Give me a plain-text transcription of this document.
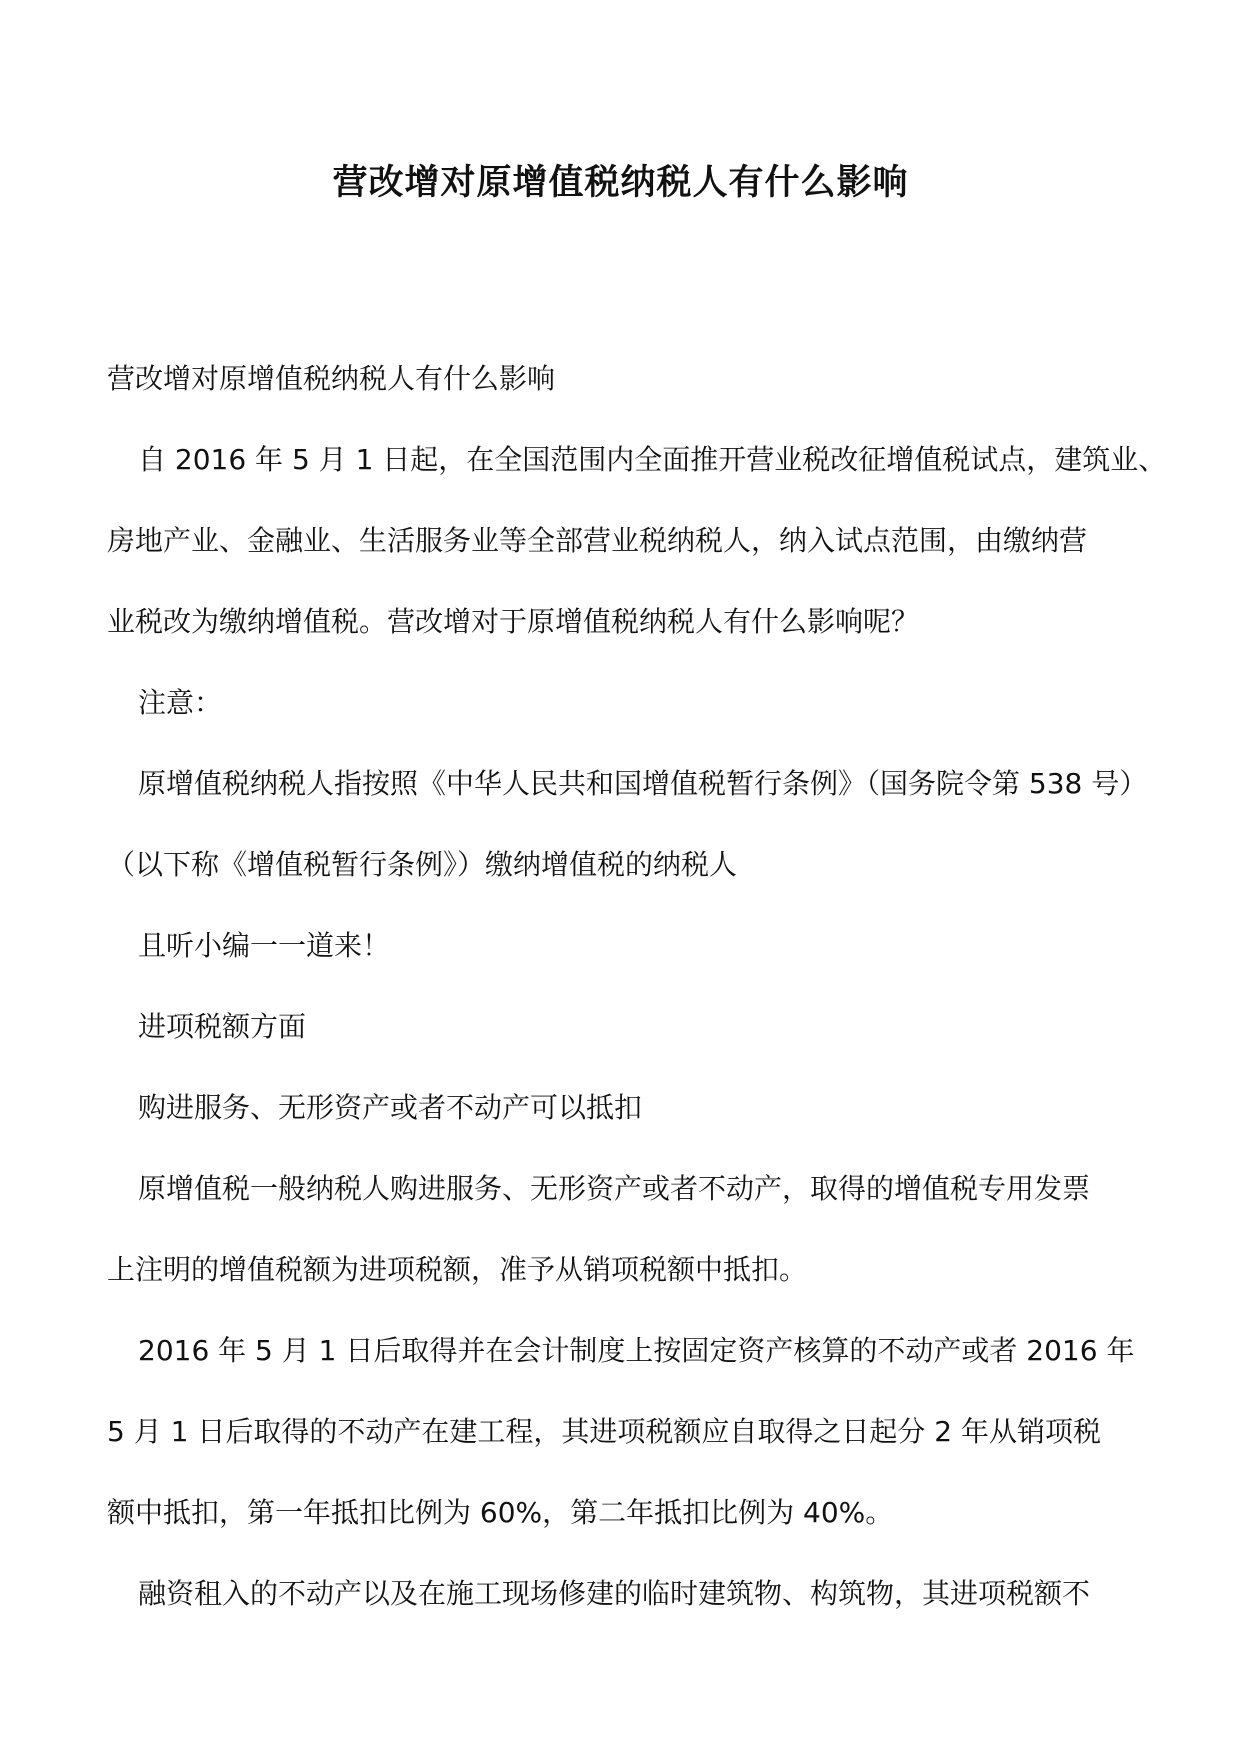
营改增对原增值税纳税人有什么影响

营改增对原增值税纳税人有什么影响

自 2016 年 5 月 1 日起，在全国范围内全面推开营业税改征增值税试点，建筑业、

房地产业、金融业、生活服务业等全部营业税纳税人，纳入试点范围，由缴纳营

业税改为缴纳增值税。营改增对于原增值税纳税人有什么影响呢？

注意：

原增值税纳税人指按照《中华人民共和国增值税暂行条例》（国务院令第 538 号）

（以下称《增值税暂行条例》）缴纳增值税的纳税人

且听小编一一道来！

进项税额方面

购进服务、无形资产或者不动产可以抵扣

原增值税一般纳税人购进服务、无形资产或者不动产，取得的增值税专用发票

上注明的增值税额为进项税额，准予从销项税额中抵扣。

2016 年 5 月 1 日后取得并在会计制度上按固定资产核算的不动产或者 2016 年

5 月 1 日后取得的不动产在建工程，其进项税额应自取得之日起分 2 年从销项税

额中抵扣，第一年抵扣比例为 60%，第二年抵扣比例为 40%。

融资租入的不动产以及在施工现场修建的临时建筑物、构筑物，其进项税额不
